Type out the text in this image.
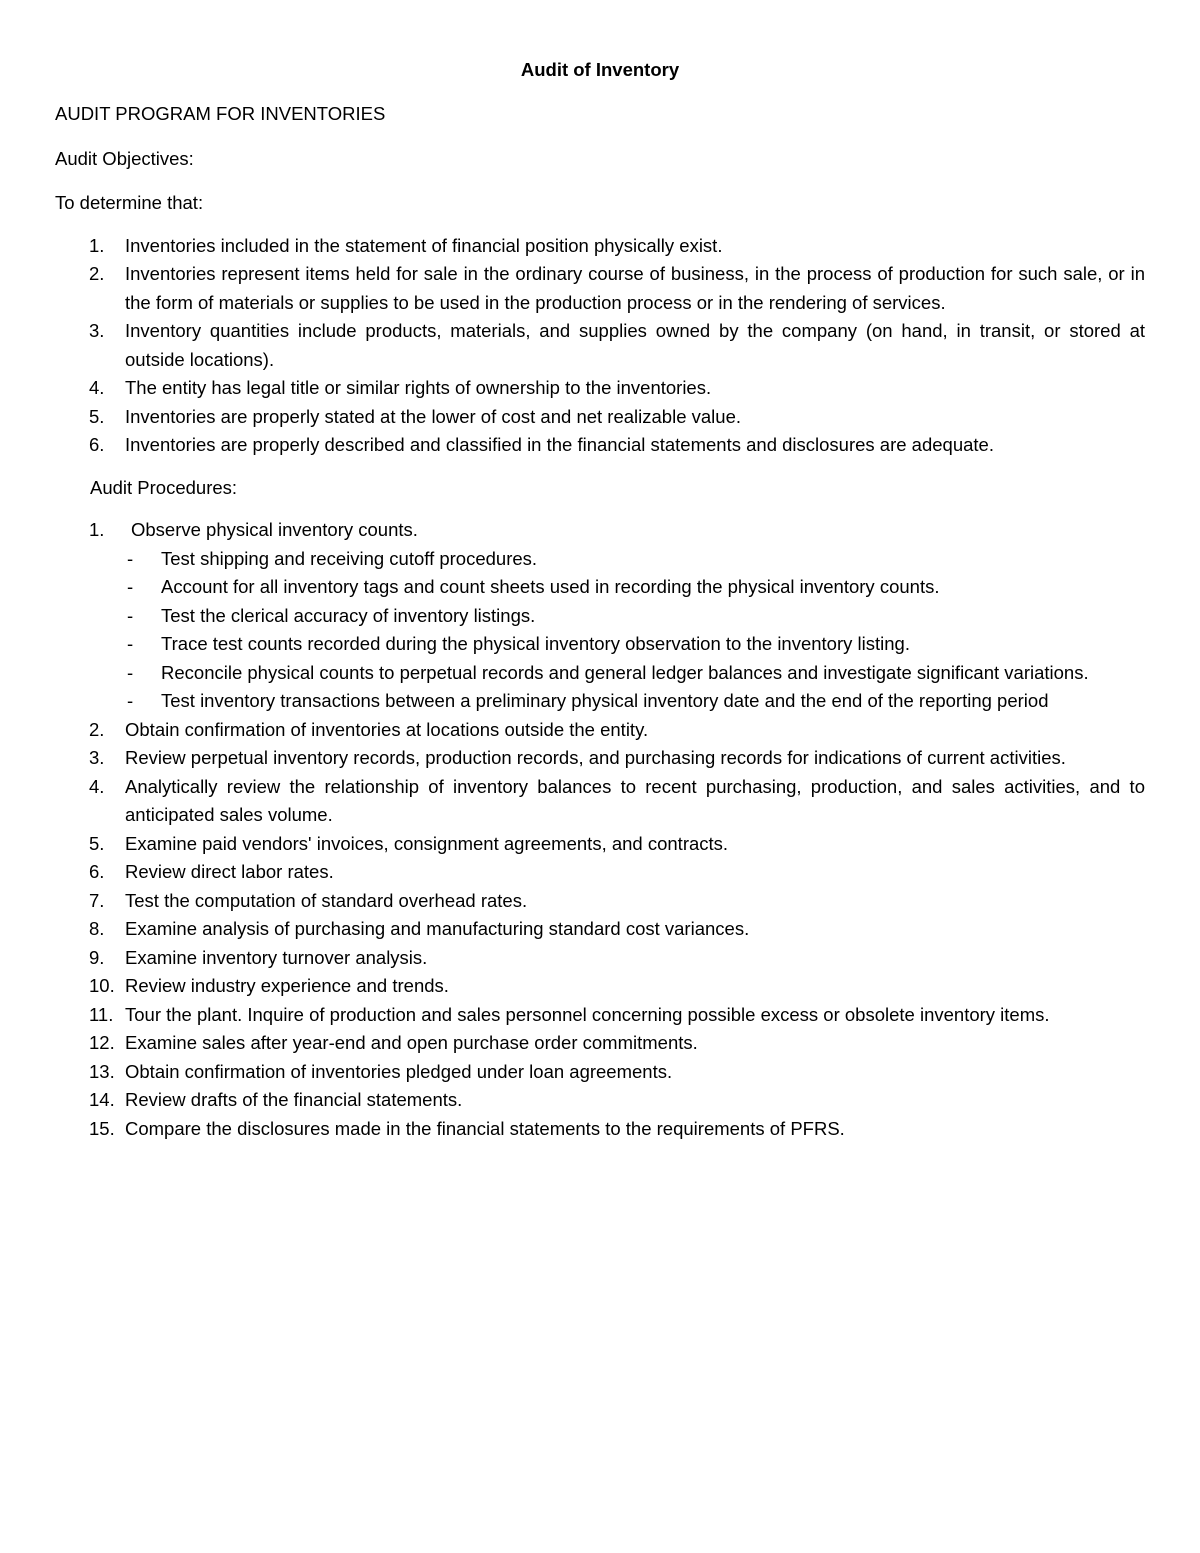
Audit of Inventory

AUDIT PROGRAM FOR INVENTORIES

Audit Objectives:

To determine that:

1. Inventories included in the statement of financial position physically exist.
2. Inventories represent items held for sale in the ordinary course of business, in the process of production for such sale, or in the form of materials or supplies to be used in the production process or in the rendering of services.
3. Inventory quantities include products, materials, and supplies owned by the company (on hand, in transit, or stored at outside locations).
4. The entity has legal title or similar rights of ownership to the inventories.
5. Inventories are properly stated at the lower of cost and net realizable value.
6. Inventories are properly described and classified in the financial statements and disclosures are adequate.

Audit Procedures:

1. Observe physical inventory counts.
- Test shipping and receiving cutoff procedures.
- Account for all inventory tags and count sheets used in recording the physical inventory counts.
- Test the clerical accuracy of inventory listings.
- Trace test counts recorded during the physical inventory observation to the inventory listing.
- Reconcile physical counts to perpetual records and general ledger balances and investigate significant variations.
- Test inventory transactions between a preliminary physical inventory date and the end of the reporting period
2. Obtain confirmation of inventories at locations outside the entity.
3. Review perpetual inventory records, production records, and purchasing records for indications of current activities.
4. Analytically review the relationship of inventory balances to recent purchasing, production, and sales activities, and to anticipated sales volume.
5. Examine paid vendors' invoices, consignment agreements, and contracts.
6. Review direct labor rates.
7. Test the computation of standard overhead rates.
8. Examine analysis of purchasing and manufacturing standard cost variances.
9. Examine inventory turnover analysis.
10. Review industry experience and trends.
11. Tour the plant. Inquire of production and sales personnel concerning possible excess or obsolete inventory items.
12. Examine sales after year-end and open purchase order commitments.
13. Obtain confirmation of inventories pledged under loan agreements.
14. Review drafts of the financial statements.
15. Compare the disclosures made in the financial statements to the requirements of PFRS.
